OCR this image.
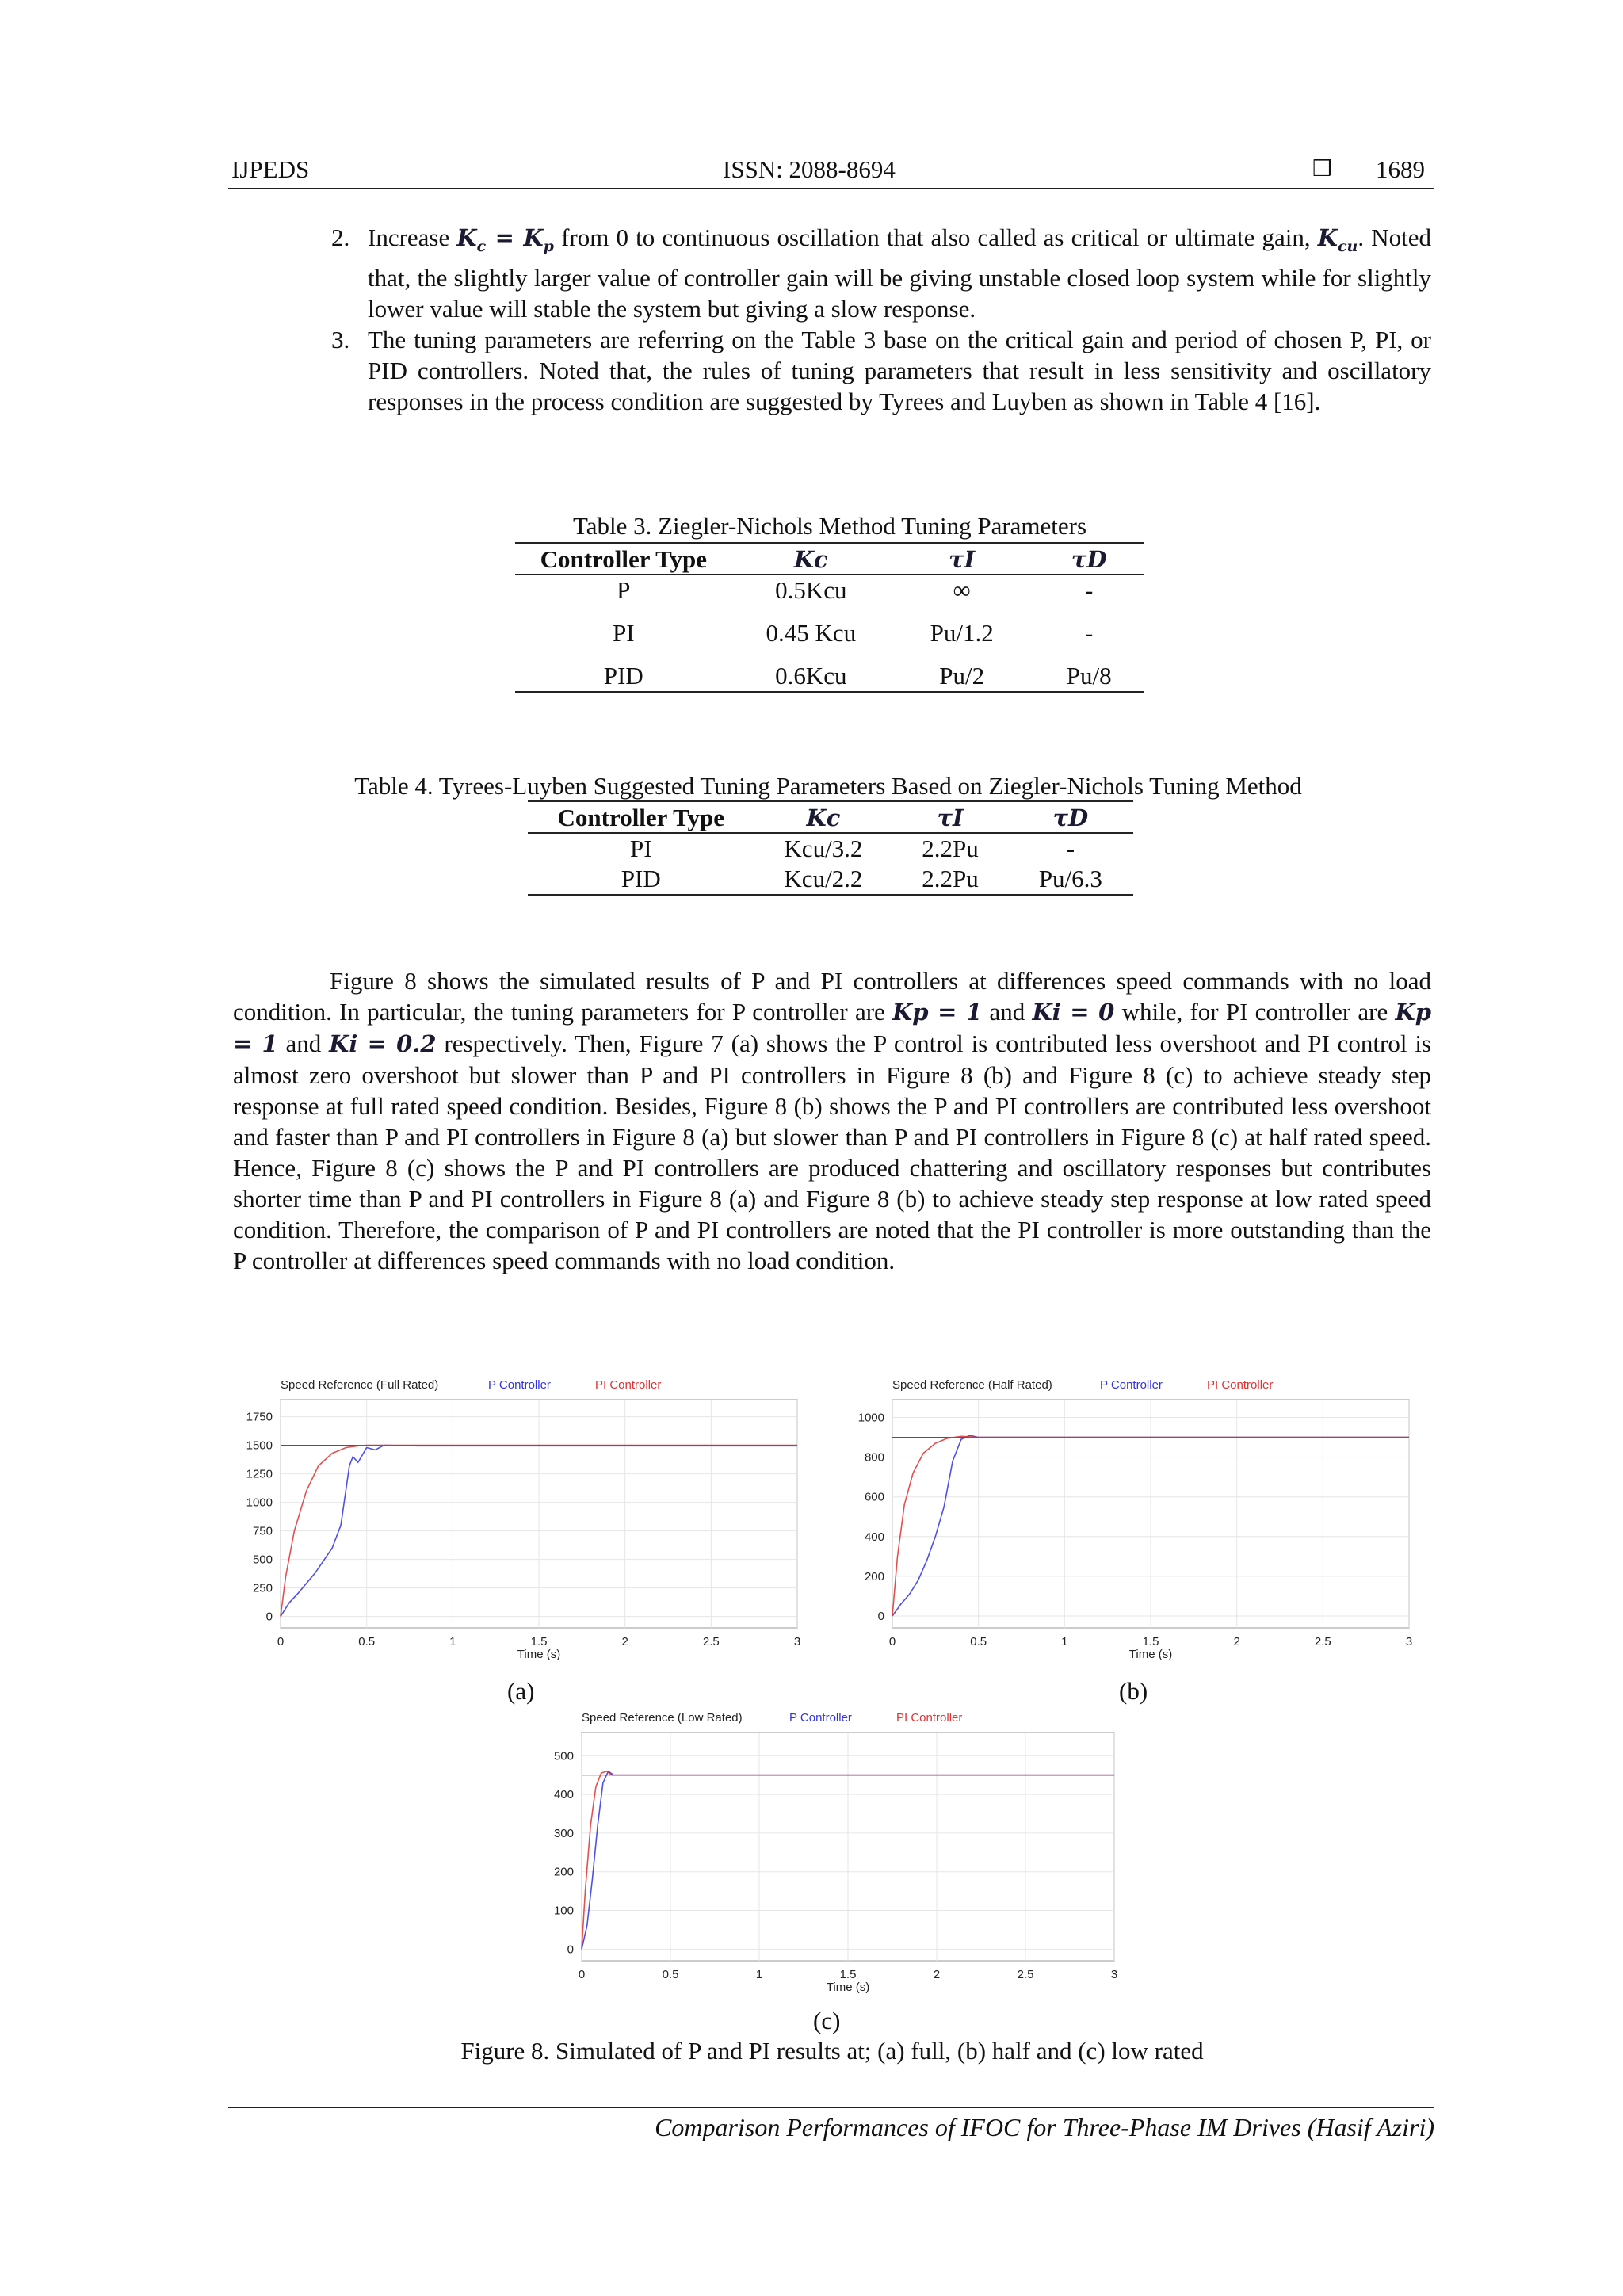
IJPEDS	ISSN: 2088-8694	❒ 1689

2. Increase $K_c = K_p$ from 0 to continuous oscillation that also called as critical or ultimate gain, $K_{cu}$. Noted that, the slightly larger value of controller gain will be giving unstable closed loop system while for slightly lower value will stable the system but giving a slow response.

3. The tuning parameters are referring on the Table 3 base on the critical gain and period of chosen P, PI, or PID controllers. Noted that, the rules of tuning parameters that result in less sensitivity and oscillatory responses in the process condition are suggested by Tyrees and Luyben as shown in Table 4 [16].

Table 3. Ziegler-Nichols Method Tuning Parameters
Controller Type	Kc	τI	τD
P	0.5Kcu	∞	-
PI	0.45 Kcu	Pu/1.2	-
PID	0.6Kcu	Pu/2	Pu/8
Table 4. Tyrees-Luyben Suggested Tuning Parameters Based on Ziegler-Nichols Tuning Method
Controller Type	Kc	τI	τD
PI	Kcu/3.2	2.2Pu	-
PID	Kcu/2.2	2.2Pu	Pu/6.3
Figure 8 shows the simulated results of P and PI controllers at differences speed commands with no load condition. In particular, the tuning parameters for P controller are Kp = 1 and Ki = 0 while, for PI controller are Kp = 1 and Ki = 0.2 respectively. Then, Figure 7 (a) shows the P control is contributed less overshoot and PI control is almost zero overshoot but slower than P and PI controllers in Figure 8 (b) and Figure 8 (c) to achieve steady step response at full rated speed condition. Besides, Figure 8 (b) shows the P and PI controllers are contributed less overshoot and faster than P and PI controllers in Figure 8 (a) but slower than P and PI controllers in Figure 8 (c) at half rated speed. Hence, Figure 8 (c) shows the P and PI controllers are produced chattering and oscillatory responses but contributes shorter time than P and PI controllers in Figure 8 (a) and Figure 8 (b) to achieve steady step response at low rated speed condition. Therefore, the comparison of P and PI controllers are noted that the PI controller is more outstanding than the P controller at differences speed commands with no load condition.
Speed Reference (Full Rated)	P Controller	PI Controller
1750
1500
1250
1000
750
500
250
0
0	0.5	1	1.5	2	2.5	3
Time (s)
(a)
Speed Reference (Half Rated)	P Controller	PI Controller
1000
800
600
400
200
0
0	0.5	1	1.5	2	2.5	3
Time (s)
(b)
Speed Reference (Low Rated)	P Controller	PI Controller
500
400
300
200
100
0
0	0.5	1	1.5	2	2.5	3
Time (s)
(c)
Figure 8. Simulated of P and PI results at; (a) full, (b) half and (c) low rated
Comparison Performances of IFOC for Three-Phase IM Drives (Hasif Aziri)
